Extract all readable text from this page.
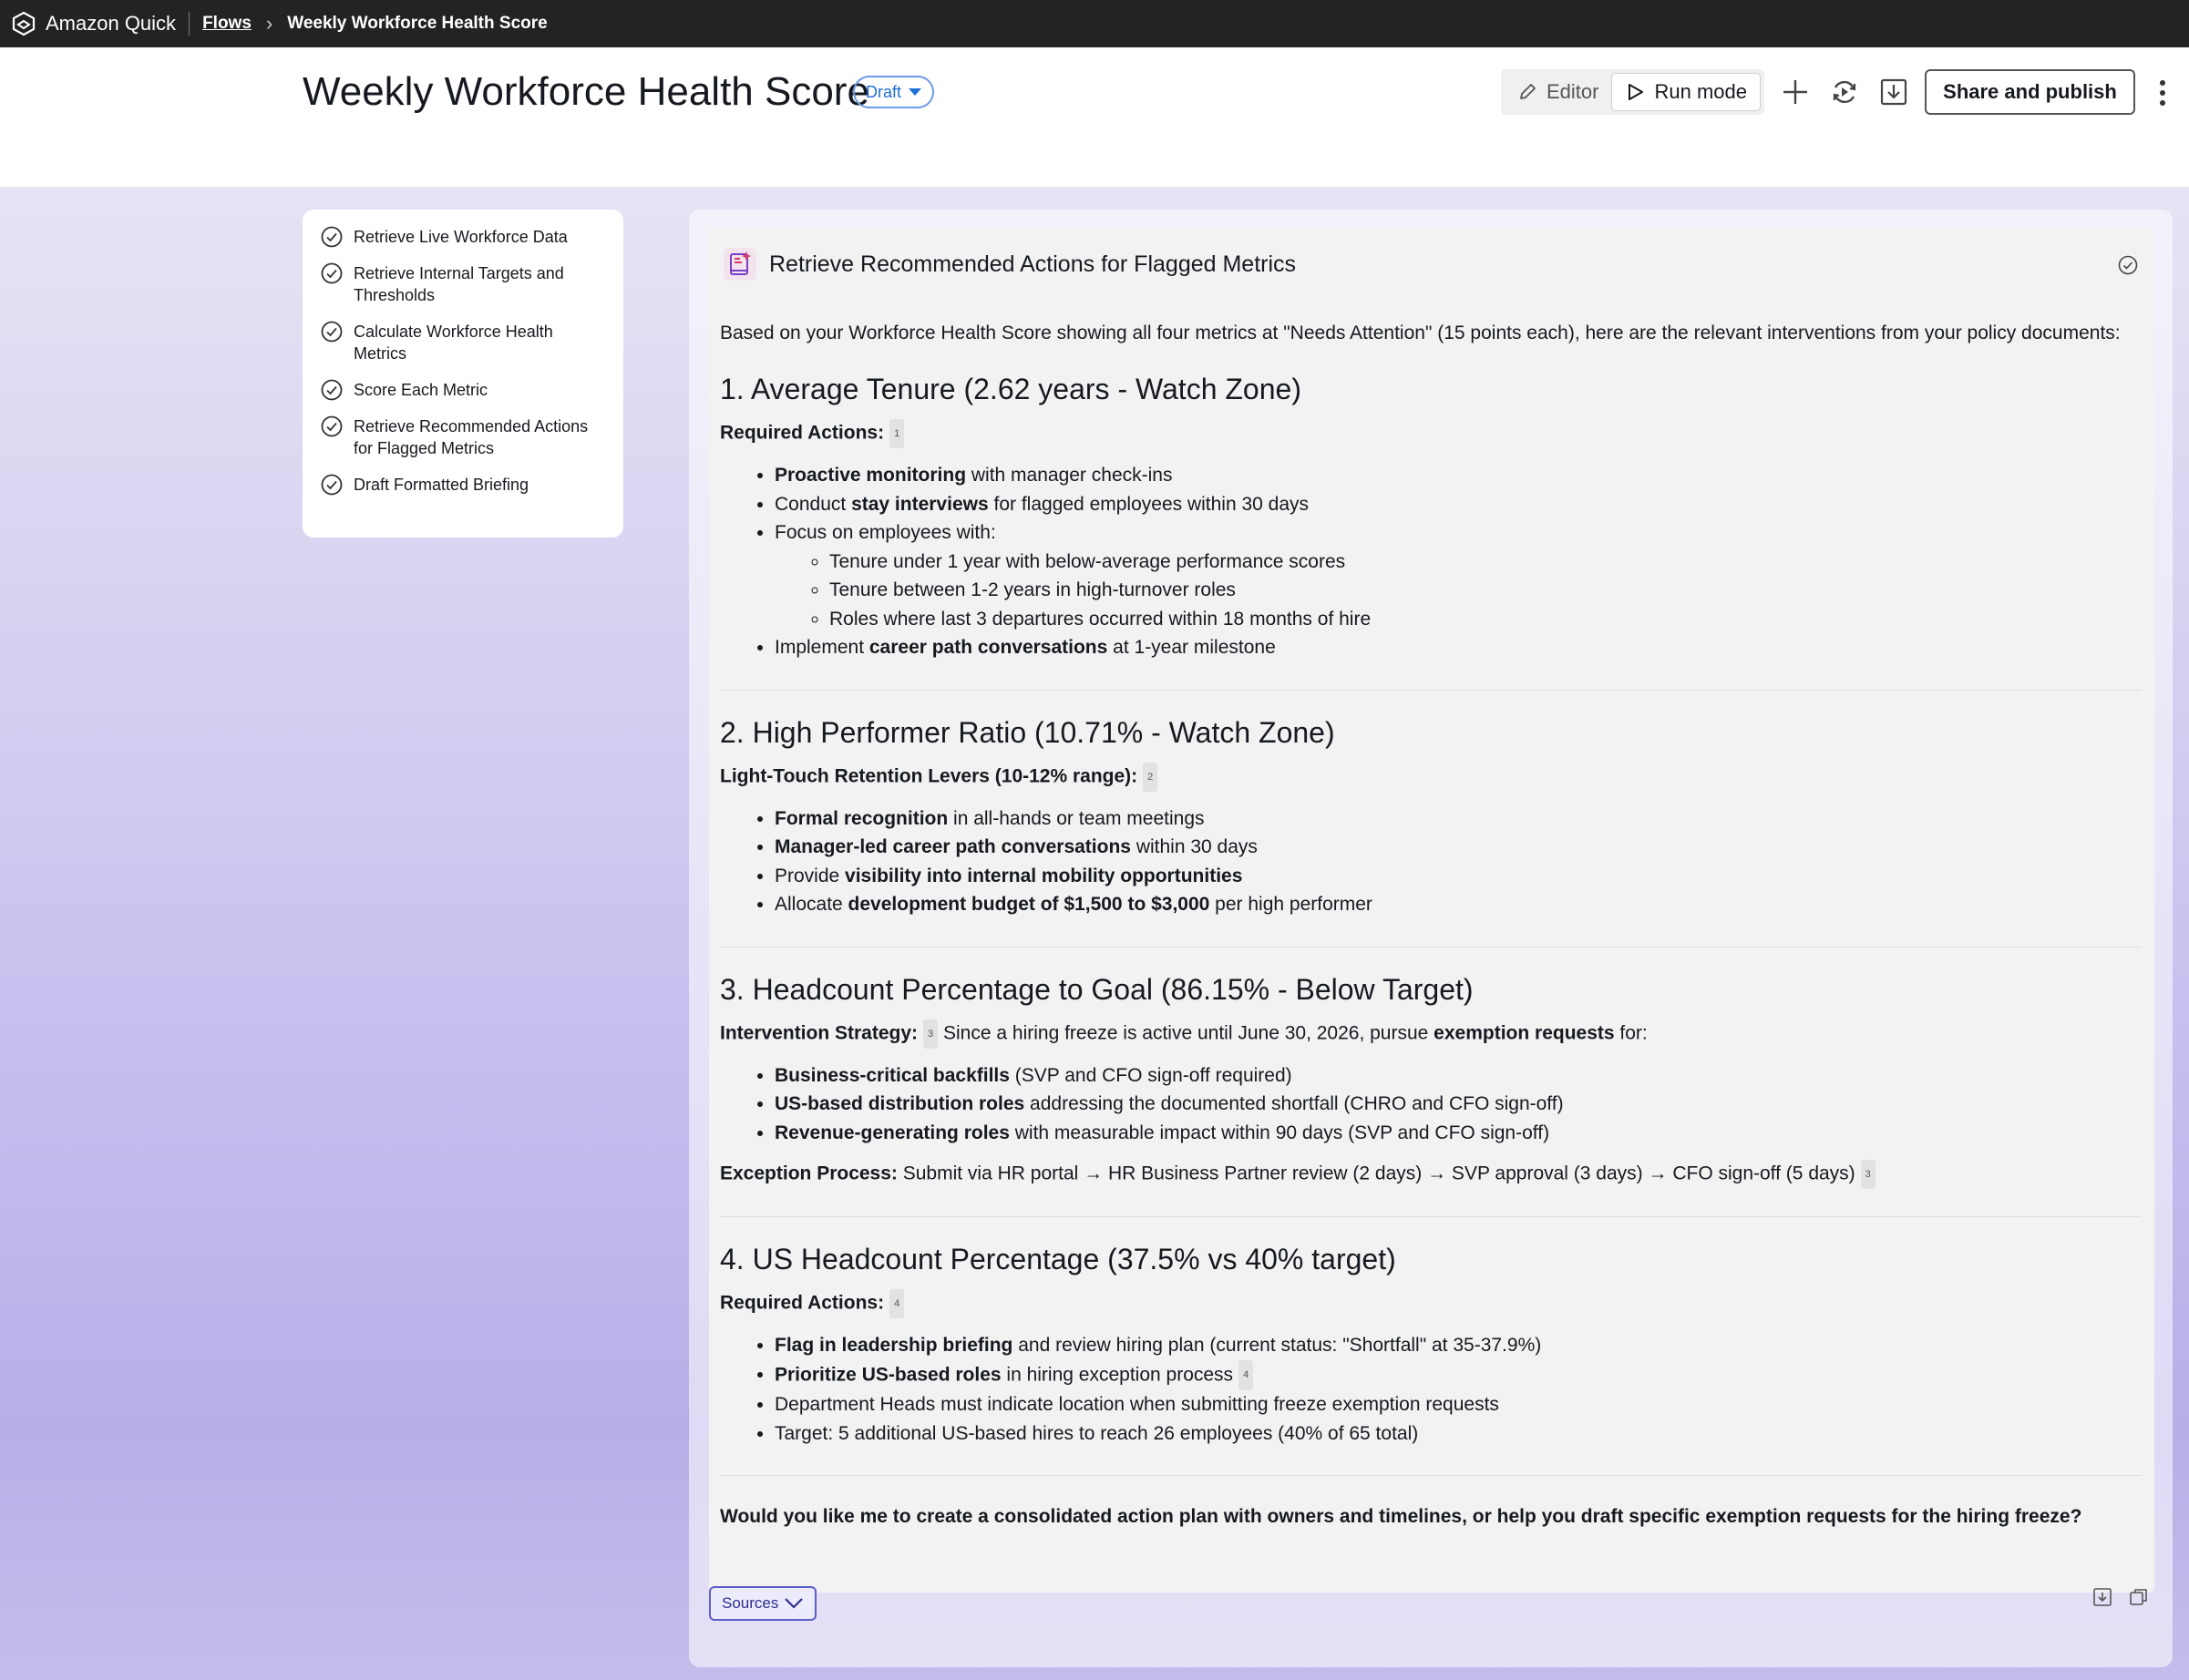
Amazon Quick Flows › Weekly Workforce Health Score
Weekly Workforce Health Score
Draft	Editor	Run mode	Share and publish
Retrieve Live Workforce Data
Retrieve Internal Targets and Thresholds
Calculate Workforce Health Metrics
Score Each Metric
Retrieve Recommended Actions for Flagged Metrics
Draft Formatted Briefing
Retrieve Recommended Actions for Flagged Metrics

Based on your Workforce Health Score showing all four metrics at "Needs Attention" (15 points each), here are the relevant interventions from your policy documents:

1. Average Tenure (2.62 years - Watch Zone)

Required Actions: 1

• Proactive monitoring with manager check-ins
• Conduct stay interviews for flagged employees within 30 days
• Focus on employees with:
◦ Tenure under 1 year with below-average performance scores
◦ Tenure between 1-2 years in high-turnover roles
◦ Roles where last 3 departures occurred within 18 months of hire
• Implement career path conversations at 1-year milestone
2. High Performer Ratio (10.71% - Watch Zone)

Light-Touch Retention Levers (10-12% range): 2

• Formal recognition in all-hands or team meetings
• Manager-led career path conversations within 30 days
• Provide visibility into internal mobility opportunities
• Allocate development budget of $1,500 to $3,000 per high performer
3. Headcount Percentage to Goal (86.15% - Below Target)

Intervention Strategy: 3 Since a hiring freeze is active until June 30, 2026, pursue exemption requests for:

• Business-critical backfills (SVP and CFO sign-off required)
• US-based distribution roles addressing the documented shortfall (CHRO and CFO sign-off)
• Revenue-generating roles with measurable impact within 90 days (SVP and CFO sign-off)

Exception Process: Submit via HR portal → HR Business Partner review (2 days) → SVP approval (3 days) → CFO sign-off (5 days) 3

4. US Headcount Percentage (37.5% vs 40% target)

Required Actions: 4

• Flag in leadership briefing and review hiring plan (current status: "Shortfall" at 35-37.9%)
• Prioritize US-based roles in hiring exception process 4
• Department Heads must indicate location when submitting freeze exemption requests
• Target: 5 additional US-based hires to reach 26 employees (40% of 65 total)

Would you like me to create a consolidated action plan with owners and timelines, or help you draft specific exemption requests for the hiring freeze?

Sources
